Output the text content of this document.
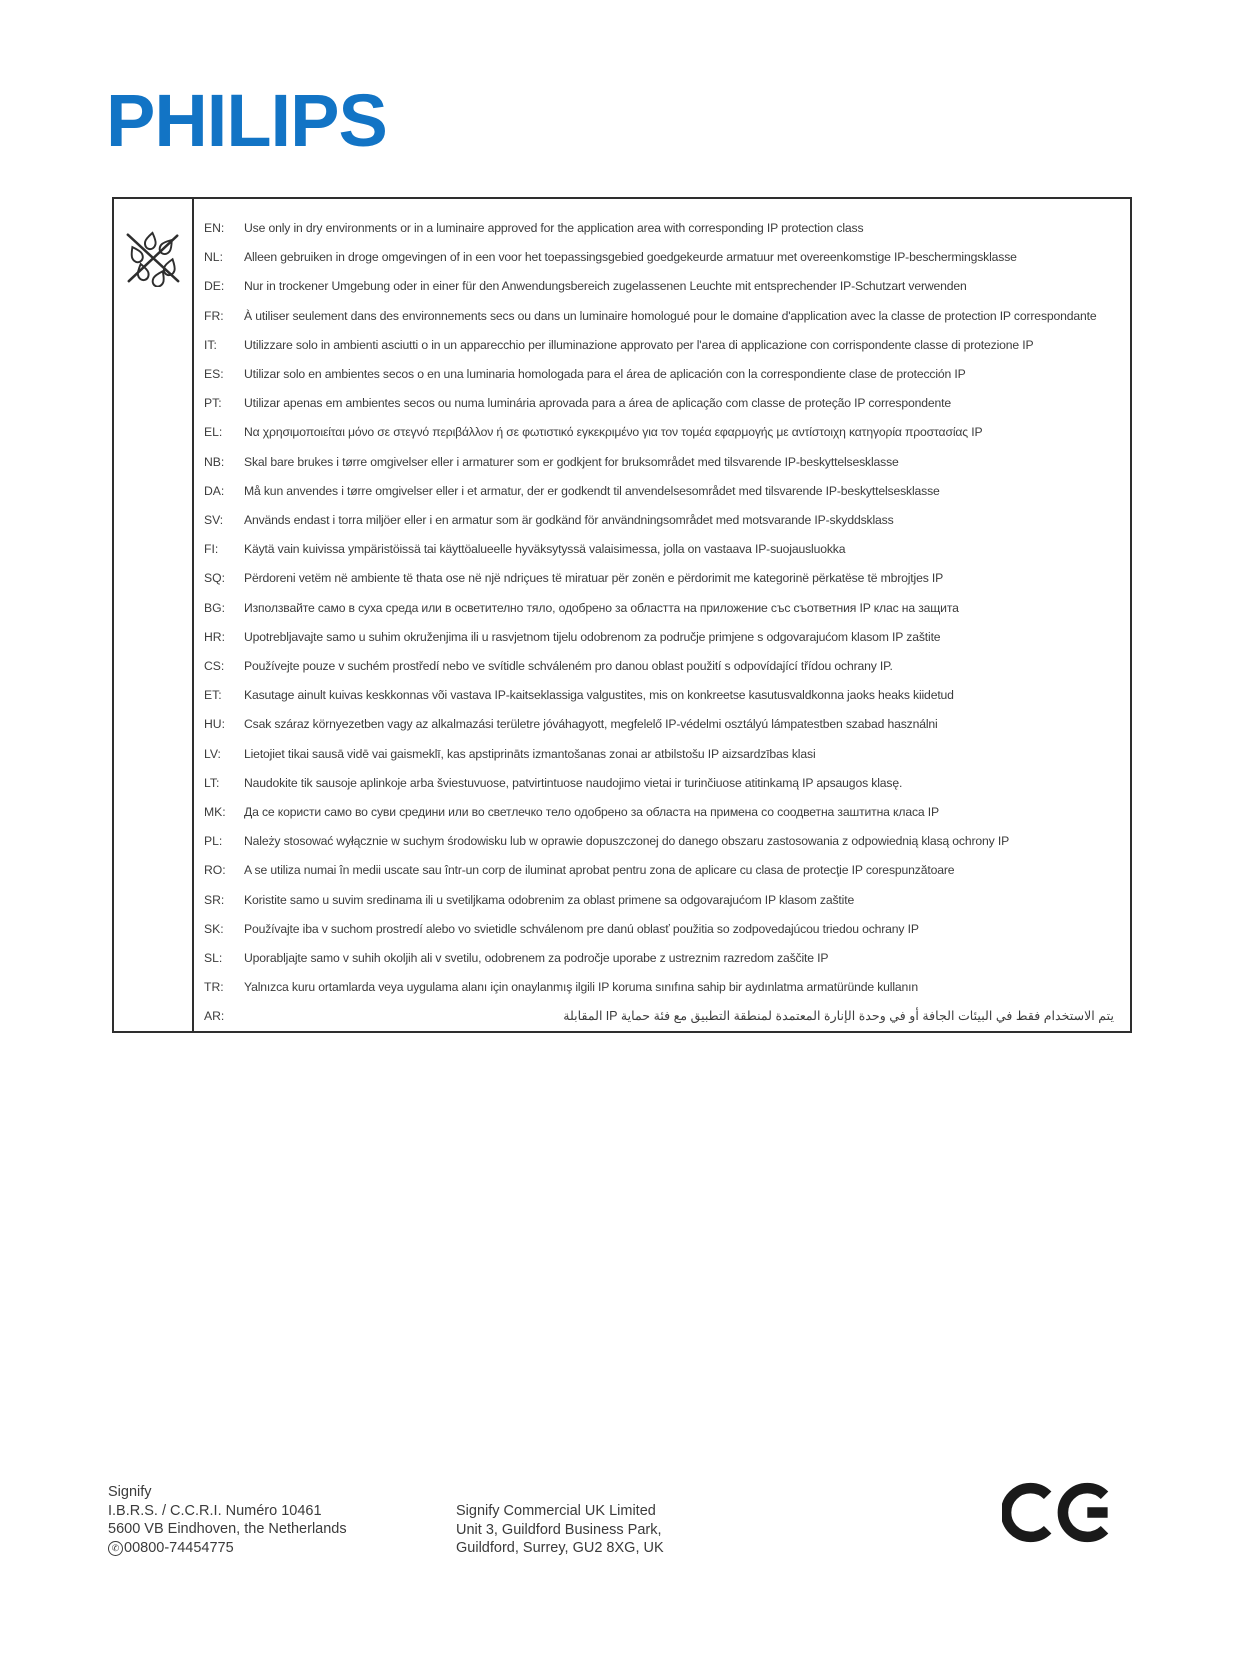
PHILIPS
EN:	Use only in dry environments or in a luminaire approved for the application area with corresponding IP protection class
NL:	Alleen gebruiken in droge omgevingen of in een voor het toepassingsgebied goedgekeurde armatuur met overeenkomstige IP-beschermingsklasse
DE:	Nur in trockener Umgebung oder in einer für den Anwendungsbereich zugelassenen Leuchte mit entsprechender IP-Schutzart verwenden
FR:	À utiliser seulement dans des environnements secs ou dans un luminaire homologué pour le domaine d'application avec la classe de protection IP correspondante
IT:	Utilizzare solo in ambienti asciutti o in un apparecchio per illuminazione approvato per l'area di applicazione con corrispondente classe di protezione IP
ES:	Utilizar solo en ambientes secos o en una luminaria homologada para el área de aplicación con la correspondiente clase de protección IP
PT:	Utilizar apenas em ambientes secos ou numa luminária aprovada para a área de aplicação com classe de proteção IP correspondente
EL:	Να χρησιμοποιείται μόνο σε στεγνό περιβάλλον ή σε φωτιστικό εγκεκριμένο για τον τομέα εφαρμογής με αντίστοιχη κατηγορία προστασίας IP
NB:	Skal bare brukes i tørre omgivelser eller i armaturer som er godkjent for bruksområdet med tilsvarende IP-beskyttelsesklasse
DA:	Må kun anvendes i tørre omgivelser eller i et armatur, der er godkendt til anvendelsesområdet med tilsvarende IP-beskyttelsesklasse
SV:	Används endast i torra miljöer eller i en armatur som är godkänd för användningsområdet med motsvarande IP-skyddsklass
FI:	Käytä vain kuivissa ympäristöissä tai käyttöalueelle hyväksytyssä valaisimessa, jolla on vastaava IP-suojausluokka
SQ:	Përdoreni vetëm në ambiente të thata ose në një ndriçues të miratuar për zonën e përdorimit me kategorinë përkatëse të mbrojtjes IP
BG:	Използвайте само в суха среда или в осветително тяло, одобрено за областта на приложение със съответния IP клас на защита
HR:	Upotrebljavajte samo u suhim okruženjima ili u rasvjetnom tijelu odobrenom za područje primjene s odgovarajućom klasom IP zaštite
CS:	Používejte pouze v suchém prostředí nebo ve svítidle schváleném pro danou oblast použití s odpovídající třídou ochrany IP.
ET:	Kasutage ainult kuivas keskkonnas või vastava IP-kaitseklassiga valgustites, mis on konkreetse kasutusvaldkonna jaoks heaks kiidetud
HU:	Csak száraz környezetben vagy az alkalmazási területre jóváhagyott, megfelelő IP-védelmi osztályú lámpatestben szabad használni
LV:	Lietojiet tikai sausā vidē vai gaismeklī, kas apstiprināts izmantošanas zonai ar atbilstošu IP aizsardzības klasi
LT:	Naudokite tik sausoje aplinkoje arba šviestuvuose, patvirtintuose naudojimo vietai ir turinčiuose atitinkamą IP apsaugos klasę.
MK:	Да се користи само во суви средини или во светлечко тело одобрено за областа на примена со соодветна заштитна класа IP
PL:	Należy stosować wyłącznie w suchym środowisku lub w oprawie dopuszczonej do danego obszaru zastosowania z odpowiednią klasą ochrony IP
RO:	A se utiliza numai în medii uscate sau într-un corp de iluminat aprobat pentru zona de aplicare cu clasa de protecţie IP corespunzătoare
SR:	Koristite samo u suvim sredinama ili u svetiljkama odobrenim za oblast primene sa odgovarajućom IP klasom zaštite
SK:	Používajte iba v suchom prostredí alebo vo svietidle schválenom pre danú oblasť použitia so zodpovedajúcou triedou ochrany IP
SL:	Uporabljajte samo v suhih okoljih ali v svetilu, odobrenem za področje uporabe z ustreznim razredom zaščite IP
TR:	Yalnızca kuru ortamlarda veya uygulama alanı için onaylanmış ilgili IP koruma sınıfına sahip bir aydınlatma armatüründe kullanın
AR:	يتم الاستخدام فقط في البيئات الجافة أو في وحدة الإنارة المعتمدة لمنطقة التطبيق مع فئة حماية IP المقابلة
Signify
I.B.R.S. / C.C.R.I. Numéro 10461
5600 VB Eindhoven, the Netherlands
✆ 00800-74454775
Signify Commercial UK Limited
Unit 3, Guildford Business Park,
Guildford, Surrey, GU2 8XG, UK
